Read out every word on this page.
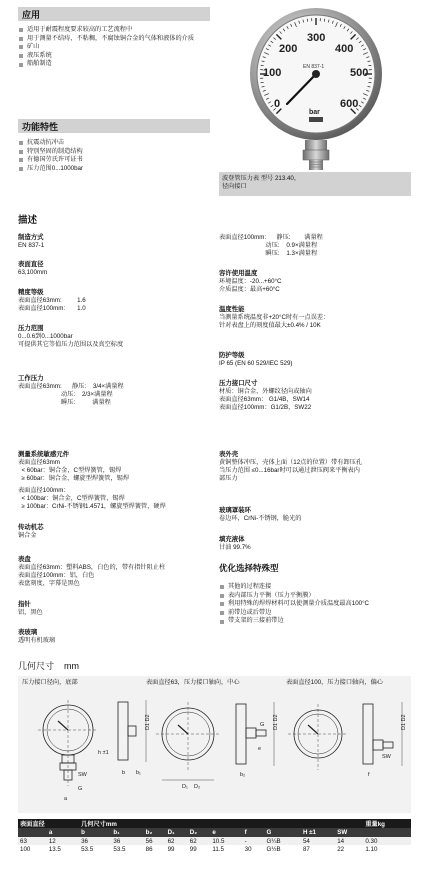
应用
适用于耐震程度要求较高的工艺流程中
用于测量不结痔，不粘稠，不腐蚀铜合金的气体和液体的介质
矿山
液压系统
船舶制造
功能特性
抗震动抗冲击
特别坚固的制造结构
有德国劳氏许可证书
压力范围0...1000bar
0
100
200
300
400
500
600
EN 837-1
bar
波登管压力表 型号 213.40，
径向接口
描述
制造方式
EN 837-1
表面直径
63,100mm
精度等级
表面直径63mm:         1.6
表面直径100mm:       1.0
压力范围
0...0.6到0...1000bar
可提供其它等值压力范围以及真空标度
工作压力
表面直径63mm:      静压:    3/4×满量程
动压:    2/3×满量程
瞬压:          满量程
表面直径100mm:      静压:        满量程
动压:    0.9×满量程
瞬压:    1.3×满量程
容许使用温度
环境温度：-20...+60°C
介质温度：最高+60°C
温度性能
当测量系统温度非+20°C时有一点误差：
针对表盘上的刻度值最大±0.4% / 10K
防护等级
IP 65 (EN 60 529/IEC 529)
压力接口尺寸
材质：铜合金，外螺纹径向或轴向
表面直径63mm： G1/4B，SW14
表面直径100mm：G1/2B，SW22
测量系统敏感元件
表面直径63mm
< 60bar：铜合金，C型焊簧管，锡焊
≥ 60bar：铜合金，螺旋型焊簧管，锡焊
表面直径100mm：
< 100bar：铜合金，C型焊簧管，锡焊
≥ 100bar：CrNi-不锈钢1.4571，螺旋型焊簧管，硬焊
传动机芯
铜合金
表盘
表面直径63mm：塑料ABS，白色的，带有指针阻止柱
表面直径100mm：铝，白色
表盘刻度，字幕是黑色
指针
铝，黑色
表玻璃
透明有机玻璃
表外壳
黄铜整体冲压，壳体上面（12点的位置）带有卸压孔
当压力范围 ≤0...16bar时可以通过泄压阀来平衡表内
部压力
玻璃罩装环
卷边环，CrNi-不锈钢，脆光的
填充液体
甘油 99.7%
优化选择特殊型
其他的过程连接
表内部压力平衡（压力平衡膜）
利用特殊的焊焊材料可以使测量介质温度最高100°C
前带边或后带边
带支架的三接前带边
几何尺寸 mm
压力接口径向，底部	表面直径63，压力接口轴向，中心	表面直径100，压力接口轴向，偏心
a
b b₁	b₂
D₁ D₂
e
f
G
h ±1
SW
G
SW
D1 D2	D1 D2	D1 D2
表面直径		几何尺寸mm										重量kg
	a	b	b₁	b₂	D₁	D₂	e	f	G	H ±1	SW	
63	12	36	36	56	62	62	10.5	-	G¼B	54	14	0.30
100	13.5	53.5	53.5	86	99	99	11.5	30	G½B	87	22	1.10
